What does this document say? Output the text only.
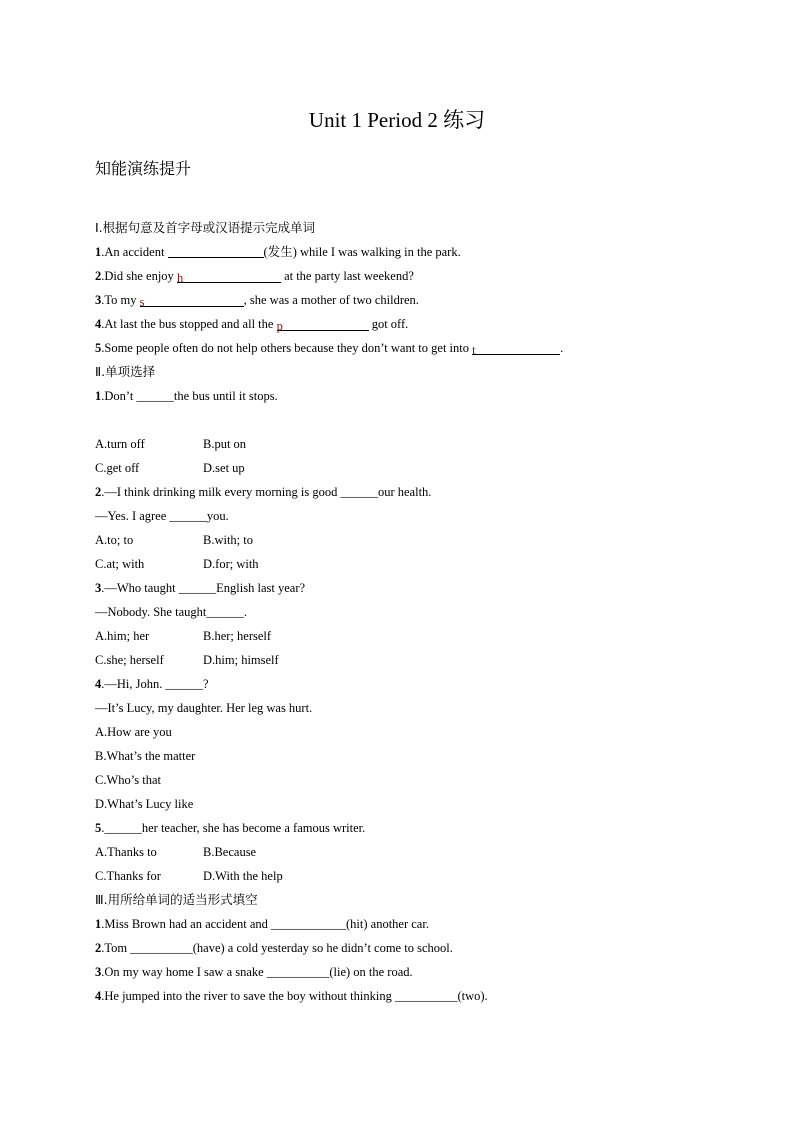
Unit 1 Period 2 练习
知能演练提升
Ⅰ.根据句意及首字母或汉语提示完成单词
1.An accident	(发生) while I was walking in the park.
2.Did she enjoy h	at the party last weekend?
3.To my s	, she was a mother of two children.
4.At last the bus stopped and all the p	got off.
5.Some people often do not help others because they don’t want to get into t	.
Ⅱ.单项选择
1.Don’t ______the bus until it stops.
A.turn off	B.put on
C.get off	D.set up
2.—I think drinking milk every morning is good ______our health.
—Yes. I agree ______you.
A.to; to	B.with; to
C.at; with	D.for; with
3.—Who taught ______English last year?
—Nobody. She taught______.
A.him; her	B.her; herself
C.she; herself	D.him; himself
4.—Hi, John. ______?
—It’s Lucy, my daughter. Her leg was hurt.
A.How are you
B.What’s the matter
C.Who’s that
D.What’s Lucy like
5.______her teacher, she has become a famous writer.
A.Thanks to	B.Because
C.Thanks for	D.With the help
Ⅲ.用所给单词的适当形式填空
1.Miss Brown had an accident and ____________(hit) another car.
2.Tom __________(have) a cold yesterday so he didn’t come to school.
3.On my way home I saw a snake __________(lie) on the road.
4.He jumped into the river to save the boy without thinking __________(two).
